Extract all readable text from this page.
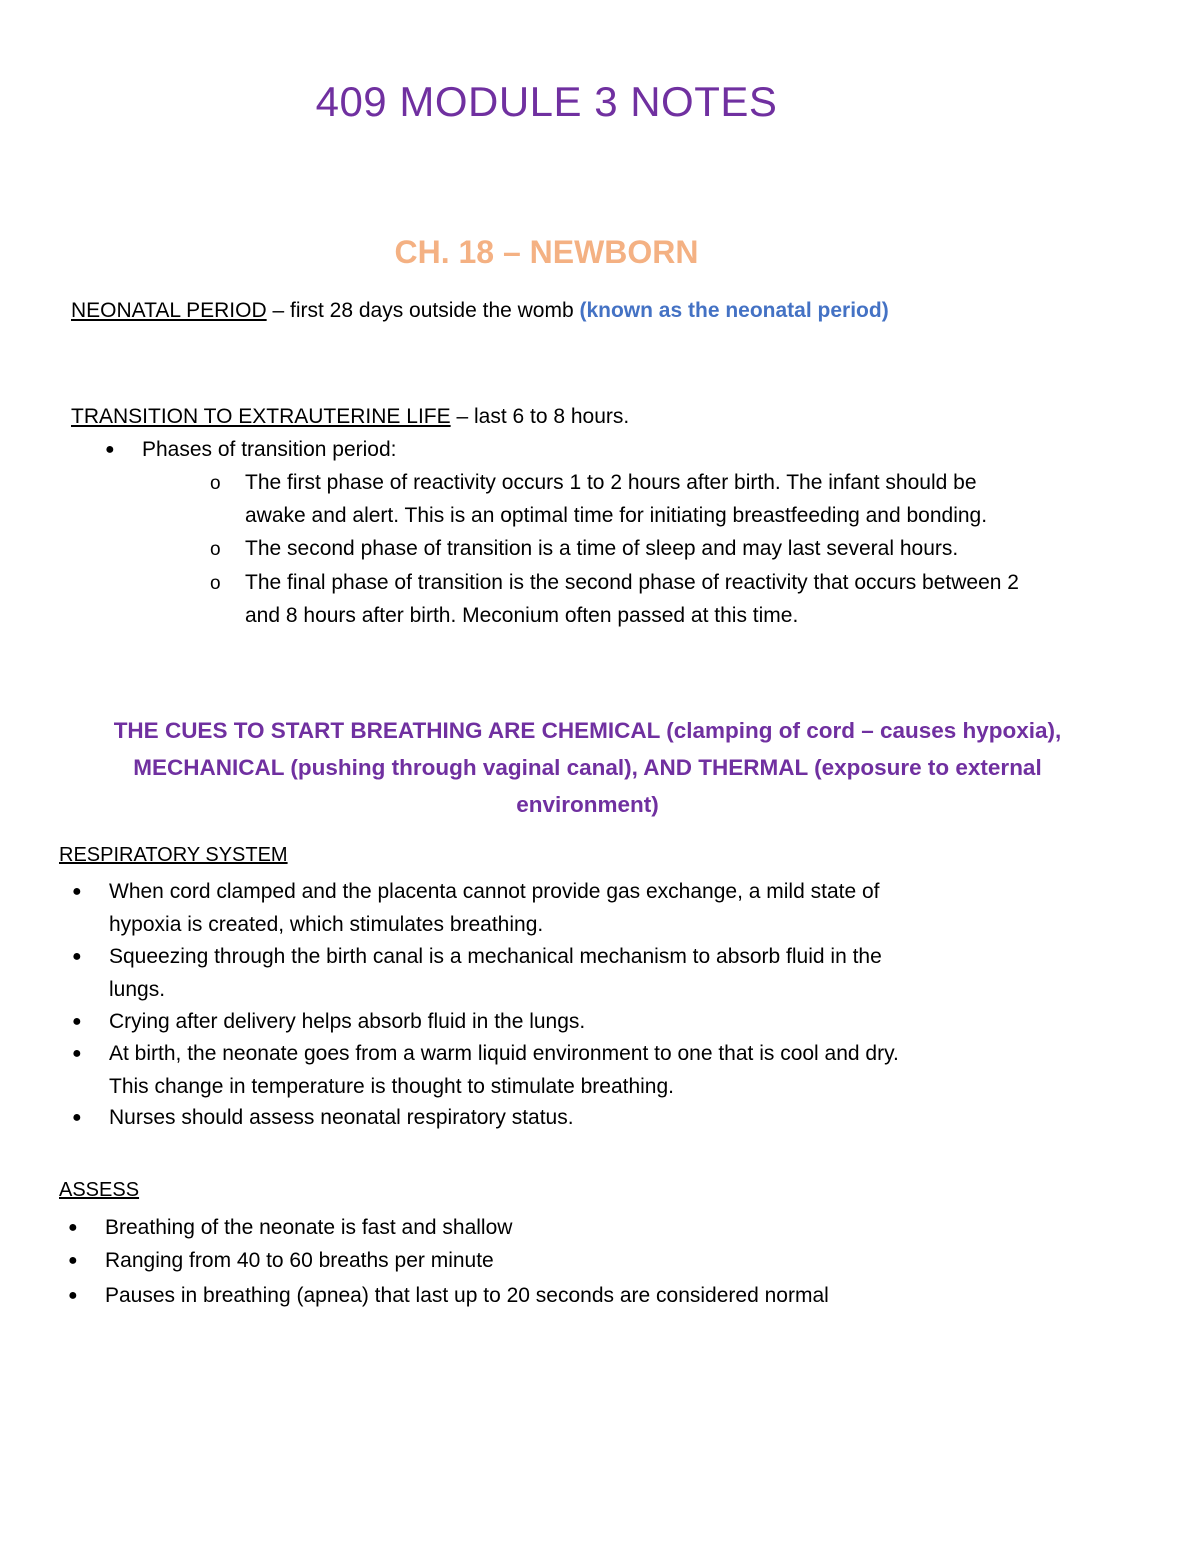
409 MODULE 3 NOTES
CH. 18 – NEWBORN
NEONATAL PERIOD – first 28 days outside the womb (known as the neonatal period)
TRANSITION TO EXTRAUTERINE LIFE – last 6 to 8 hours.
● Phases of transition period:
o The first phase of reactivity occurs 1 to 2 hours after birth. The infant should be
awake and alert. This is an optimal time for initiating breastfeeding and bonding.
o The second phase of transition is a time of sleep and may last several hours.
o The final phase of transition is the second phase of reactivity that occurs between 2
and 8 hours after birth. Meconium often passed at this time.
THE CUES TO START BREATHING ARE CHEMICAL (clamping of cord – causes hypoxia),
MECHANICAL (pushing through vaginal canal), AND THERMAL (exposure to external
environment)
RESPIRATORY SYSTEM
● When cord clamped and the placenta cannot provide gas exchange, a mild state of
hypoxia is created, which stimulates breathing.
● Squeezing through the birth canal is a mechanical mechanism to absorb fluid in the
lungs.
● Crying after delivery helps absorb fluid in the lungs.
● At birth, the neonate goes from a warm liquid environment to one that is cool and dry.
This change in temperature is thought to stimulate breathing.
● Nurses should assess neonatal respiratory status.
ASSESS
● Breathing of the neonate is fast and shallow
● Ranging from 40 to 60 breaths per minute
● Pauses in breathing (apnea) that last up to 20 seconds are considered normal
